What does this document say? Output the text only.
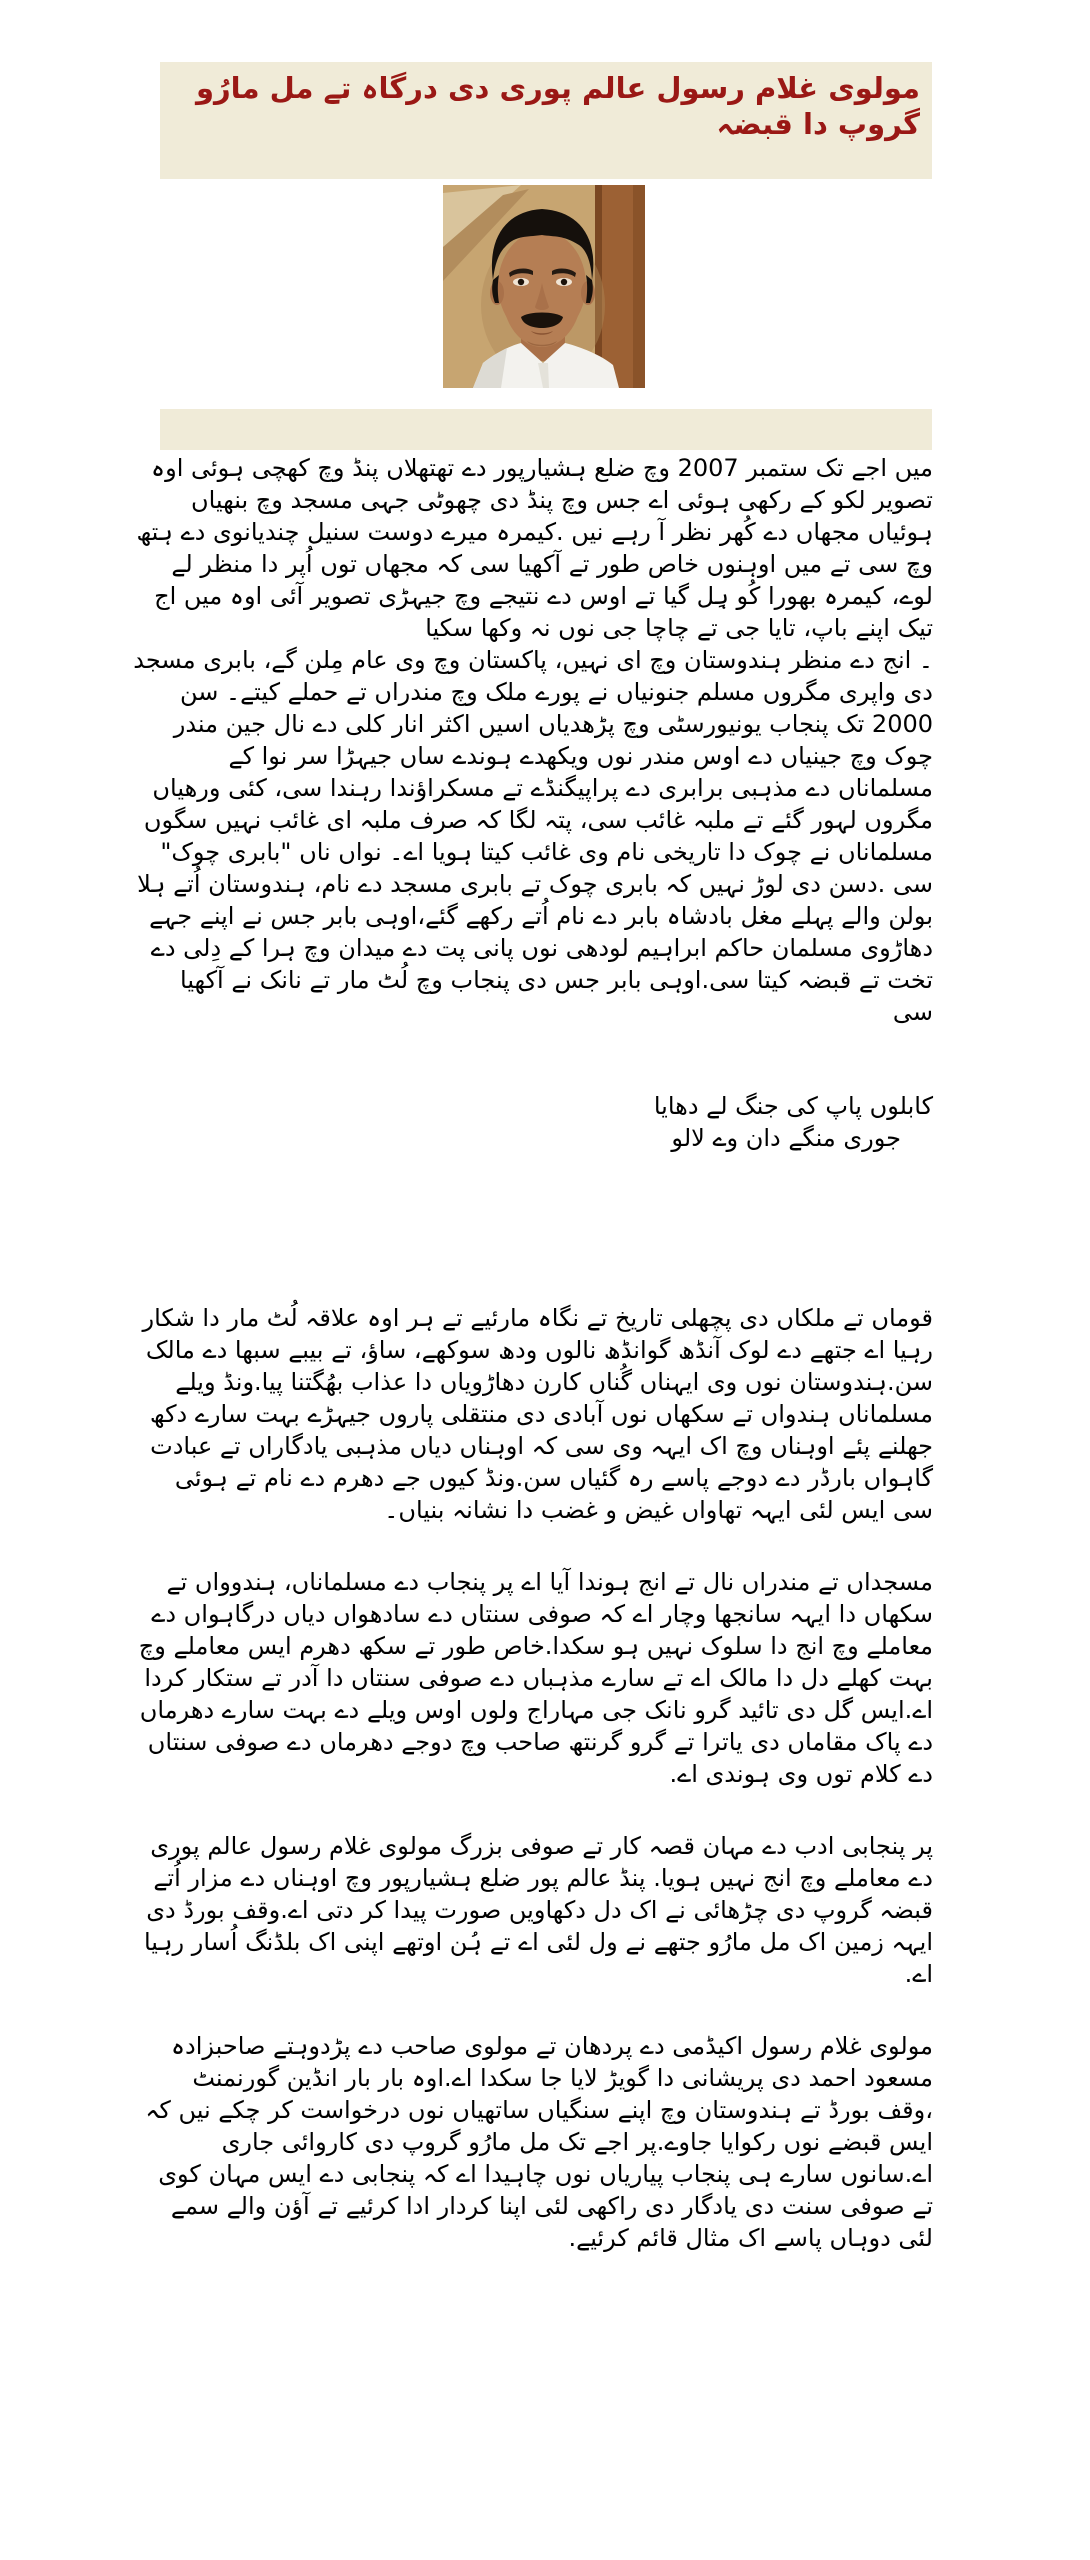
مولوی غلام رسول عالم پوری دی درگاہ تے مل مارُو گروپ دا قبضہ

میں اجے تک ستمبر 2007 وچ ضلع ہشیارپور دے تھتھلاں پنڈ وچ کھچی ہوئی اوہ تصویر لکو کے رکھی ہوئی اے جس وچ پنڈ دی چھوٹی جہی مسجد وچ بنھیاں ہوئیاں مجھاں دے کُھر نظر آ رہے نیں .کیمرہ میرے دوست سنیل چندیانوی دے ہتھ وچ سی تے میں اوہنوں خاص طور تے آکھیا سی کہ مجھاں توں اُپر دا منظر لے لوے، کیمرہ بھورا کُو ہِل گیا تے اوس دے نتیجے وچ جیہڑی تصویر آئی اوہ میں اج تیک اپنے باپ، تایا جی تے چاچا جی نوں نہ وکھا سکیا

۔ انج دے منظر ہندوستان وچ ای نہیں، پاکستان وچ وی عام مِلن گے، بابری مسجد دی واپری مگروں مسلم جنونیاں نے پورے ملک وچ مندراں تے حملے کیتے۔ سن 2000 تک پنجاب یونیورسٹی وچ پڑھدیاں اسیں اکثر انار کلی دے نال جین مندر چوک وچ جینیاں دے اوس مندر نوں ویکھدے ہوندے ساں جیہڑا سر نوا کے مسلماناں دے مذہبی برابری دے پراپیگنڈے تے مسکراؤندا رہندا سی، کئی ورھیاں مگروں لہور گئے تے ملبہ غائب سی، پتہ لگا کہ صرف ملبہ ای غائب نہیں سگوں مسلماناں نے چوک دا تاریخی نام وی غائب کیتا ہویا اے۔ نواں ناں "بابری چوک" سی .دسن دی لوڑ نہیں کہ بابری چوک تے بابری مسجد دے نام، ہندوستان اُتے ہلا بولن والے پہلے مغل بادشاہ بابر دے نام اُتے رکھے گئے،اوہی بابر جس نے اپنے جہے دھاڑوی مسلمان حاکم ابراہیم لودھی نوں پانی پت دے میدان وچ ہرا کے دِلی دے تخت تے قبضہ کیتا سی.اوہی بابر جس دی پنجاب وچ لُٹ مار تے نانک نے آکھیا سی

کابلوں پاپ کی جنگ لے دھایا
جوری منگے دان وے لالو

قوماں تے ملکاں دی پچھلی تاریخ تے نگاہ مارئیے تے ہر اوہ علاقہ لُٹ مار دا شکار رہیا اے جتھے دے لوک آنڈھ گوانڈھ نالوں ودھ سوکھے، ساؤ، تے بیبے سبھا دے مالک سن.ہندوستان نوں وی ایہناں گُناں کارن دھاڑویاں دا عذاب بھُگتنا پیا.ونڈ ویلے مسلماناں ہندواں تے سکھاں نوں آبادی دی منتقلی پاروں جیہڑے بہت سارے دکھ جھلنے پئے اوہناں وچ اک ایہہ وی سی کہ اوہناں دیاں مذہبی یادگاراں تے عبادت گاہواں بارڈر دے دوجے پاسے رہ گئیاں سن.ونڈ کیوں جے دھرم دے نام تے ہوئی سی ایس لئی ایہہ تھاواں غیض و غضب دا نشانہ بنیاں۔

مسجداں تے مندراں نال تے انج ہوندا آیا اے پر پنجاب دے مسلماناں، ہندوواں تے سکھاں دا ایہہ سانجھا وچار اے کہ صوفی سنتاں دے سادھواں دیاں درگاہواں دے معاملے وچ انج دا سلوک نہیں ہو سکدا.خاص طور تے سکھ دھرم ایس معاملے وچ بہت کھلے دل دا مالک اے تے سارے مذہباں دے صوفی سنتاں دا آدر تے ستکار کردا اے.ایس گل دی تائید گرو نانک جی مہاراج ولوں اوس ویلے دے بہت سارے دھرماں دے پاک مقاماں دی یاترا تے گرو گرنتھ صاحب وچ دوجے دھرماں دے صوفی سنتاں دے کلام توں وی ہوندی اے.

پر پنجابی ادب دے مہان قصہ کار تے صوفی بزرگ مولوی غلام رسول عالم پوری دے معاملے وچ انج نہیں ہویا. پنڈ عالم پور ضلع ہشیارپور وچ اوہناں دے مزار اُتے قبضہ گروپ دی چڑھائی نے اک دل دکھاویں صورت پیدا کر دتی اے.وقف بورڈ دی ایہہ زمین اک مل مارُو جتھے نے ول لئی اے تے ہُن اوتھے اپنی اک بلڈنگ اُسار رہیا اے.

مولوی غلام رسول اکیڈمی دے پردھان تے مولوی صاحب دے پڑدوہتے صاحبزادہ مسعود احمد دی پریشانی دا گویڑ لایا جا سکدا اے.اوہ بار بار انڈین گورنمنٹ ،وقف بورڈ تے ہندوستان وچ اپنے سنگیاں ساتھیاں نوں درخواست کر چکے نیں کہ ایس قبضے نوں رکوایا جاوے.پر اجے تک مل مارُو گروپ دی کاروائی جاری اے.سانوں سارے ہی پنجاب پیاریاں نوں چاہیدا اے کہ پنجابی دے ایس مہان کوی تے صوفی سنت دی یادگار دی راکھی لئی اپنا کردار ادا کرئیے تے آؤن والے سمے لئی دوہاں پاسے اک مثال قائم کرئیے.
